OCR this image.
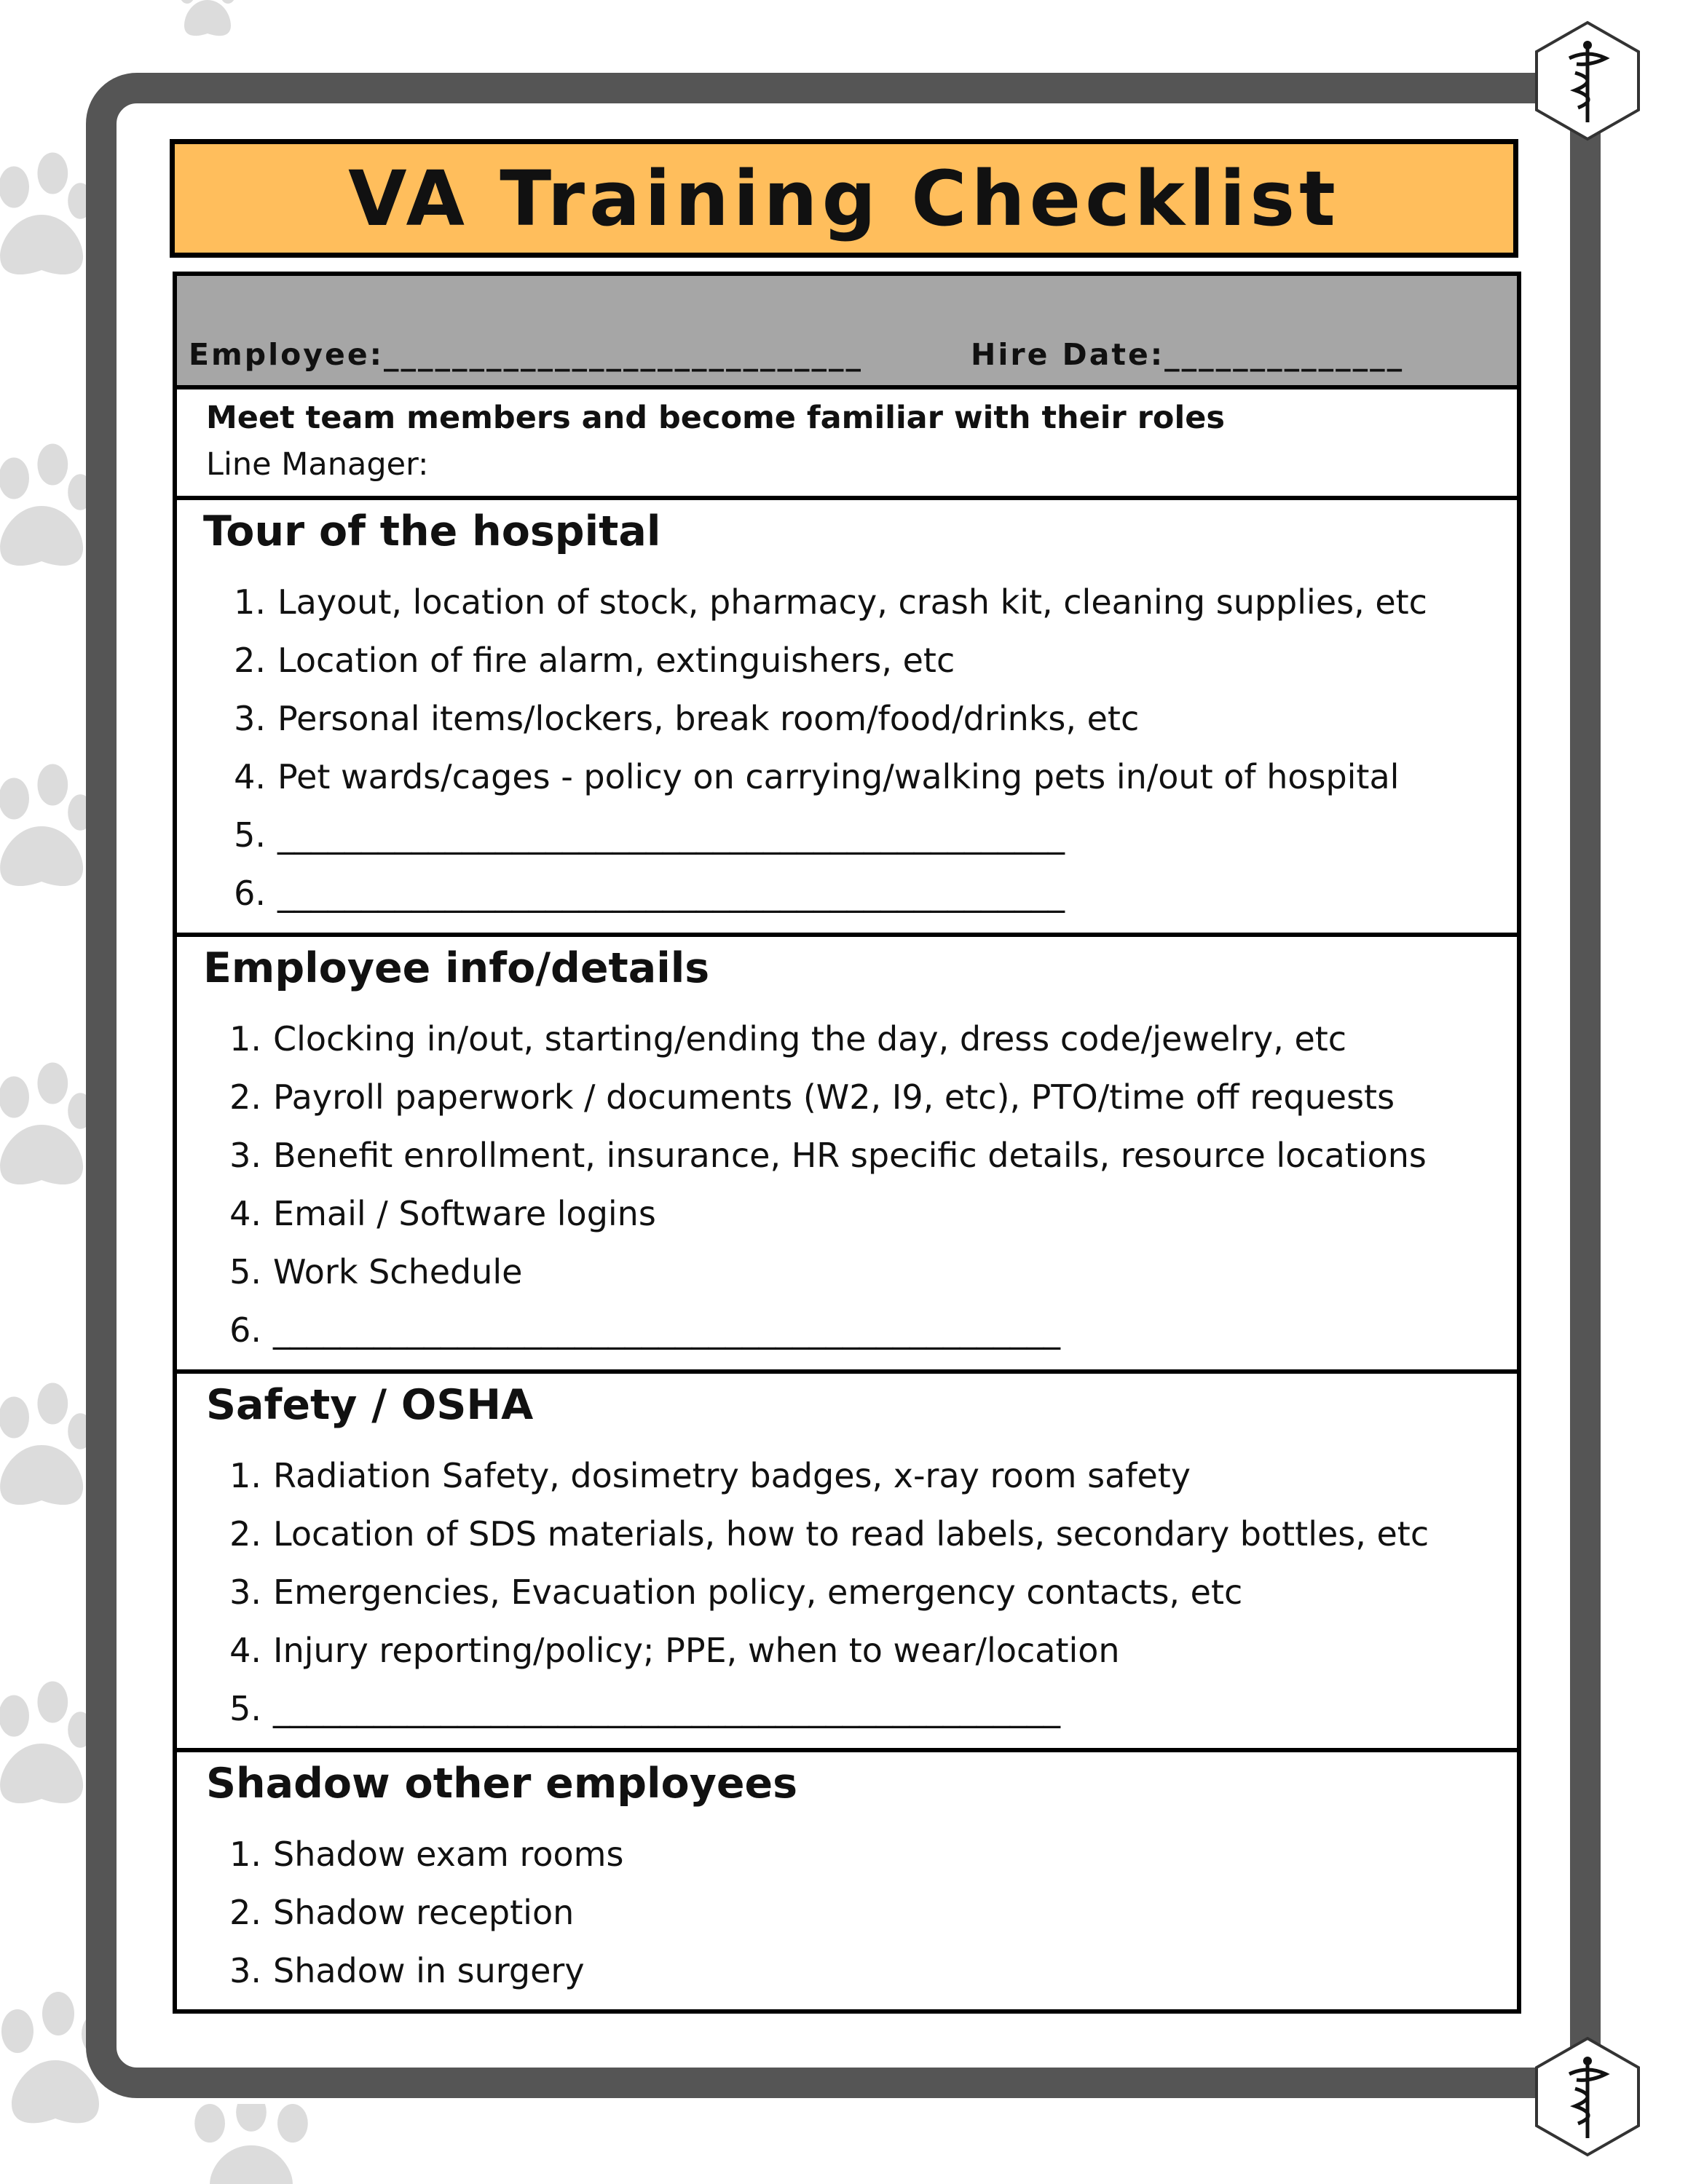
VA Training Checklist
Employee:____________________________	Hire Date:______________
Meet team members and become familiar with their roles
Line Manager:
Tour of the hospital
1. Layout, location of stock, pharmacy, crash kit, cleaning supplies, etc
2. Location of fire alarm, extinguishers, etc
3. Personal items/lockers, break room/food/drinks, etc
4. Pet wards/cages - policy on carrying/walking pets in/out of hospital
5. _______________________________________________
6. _______________________________________________
Employee info/details
1. Clocking in/out, starting/ending the day, dress code/jewelry, etc
2. Payroll paperwork / documents (W2, I9, etc), PTO/time off requests
3. Benefit enrollment, insurance, HR specific details, resource locations
4. Email / Software logins
5. Work Schedule
6. _______________________________________________
Safety / OSHA
1. Radiation Safety, dosimetry badges, x-ray room safety
2. Location of SDS materials, how to read labels, secondary bottles, etc
3. Emergencies, Evacuation policy, emergency contacts, etc
4. Injury reporting/policy; PPE, when to wear/location
5. _______________________________________________
Shadow other employees
1. Shadow exam rooms
2. Shadow reception
3. Shadow in surgery
